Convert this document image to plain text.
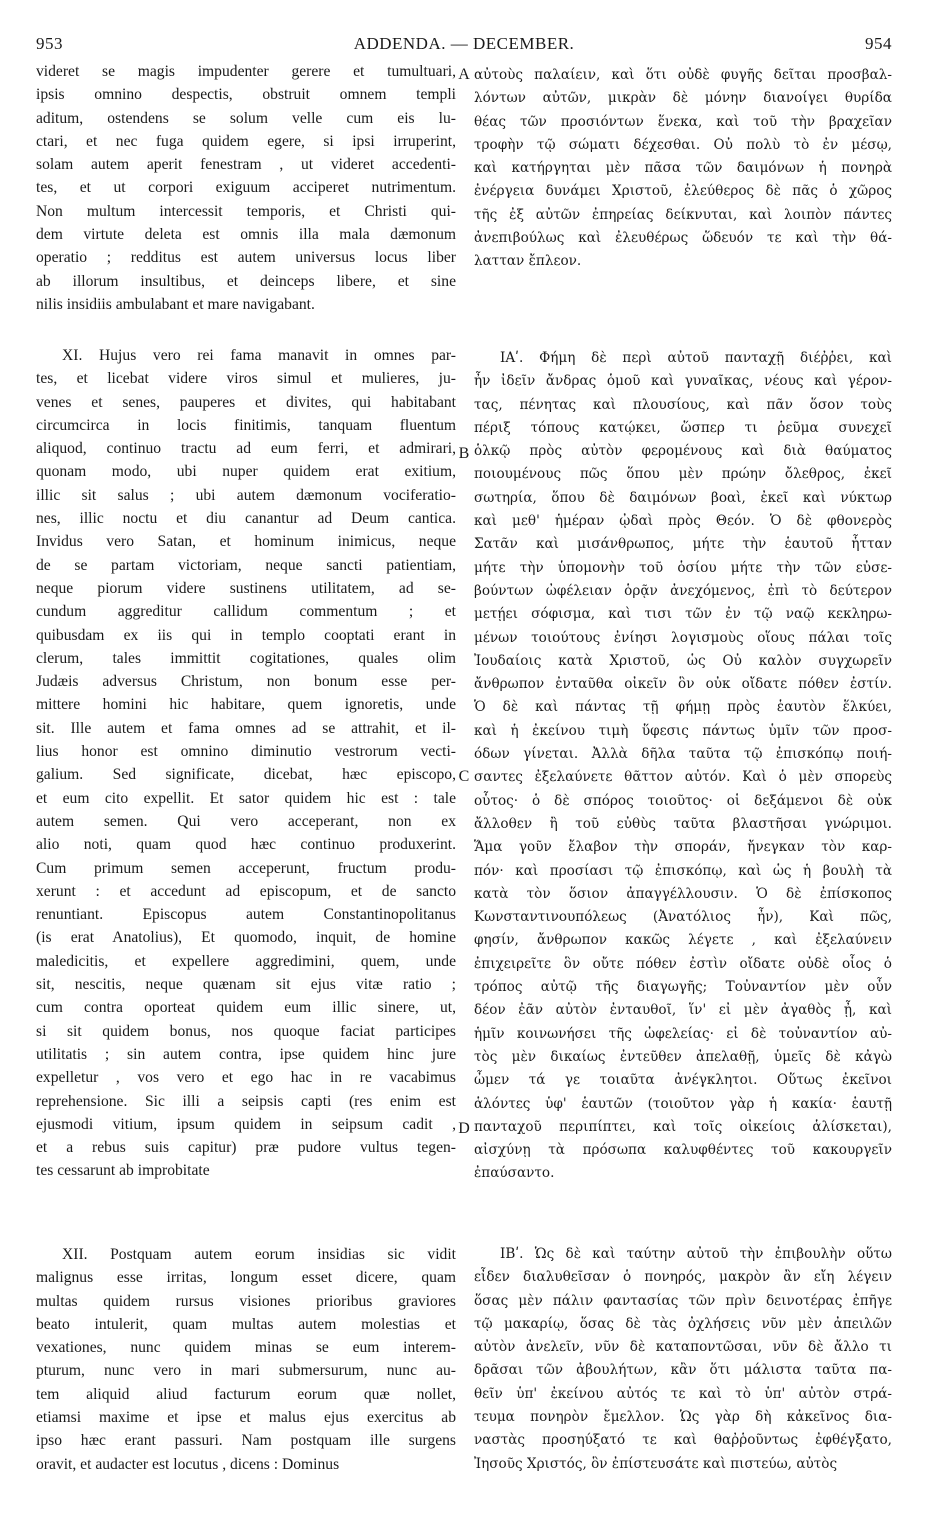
953	ADDENDA. — DECEMBER.	954
videret se magis impudenter gerere et tumultuari,
ipsis omnino despectis, obstruit omnem templi
aditum, ostendens se solum velle cum eis lu-
ctari, et nec fuga quidem egere, si ipsi irruperint,
solam autem aperit fenestram , ut videret accedenti-
tes, et ut corpori exiguum acciperet nutrimentum.
Non multum intercessit temporis, et Christi qui-
dem virtute deleta est omnis illa mala dæmonum
operatio ; redditus est autem universus locus liber
ab illorum insultibus, et deinceps libere, et sine
nilis insidiis ambulabant et mare navigabant.
XI. Hujus vero rei fama manavit in omnes par-
tes, et licebat videre viros simul et mulieres, ju-
venes et senes, pauperes et divites, qui habitabant
circumcirca in locis finitimis, tanquam fluentum
aliquod, continuo tractu ad eum ferri, et admirari,
quonam modo, ubi nuper quidem erat exitium,
illic sit salus ; ubi autem dæmonum vociferatio-
nes, illic noctu et diu canantur ad Deum cantica.
Invidus vero Satan, et hominum inimicus, neque
de se partam victoriam, neque sancti patientiam,
neque piorum videre sustinens utilitatem, ad se-
cundum aggreditur callidum commentum ; et
quibusdam ex iis qui in templo cooptati erant in
clerum, tales immittit cogitationes, quales olim
Judæis adversus Christum, non bonum esse per-
mittere homini hic habitare, quem ignoretis, unde
sit. Ille autem et fama omnes ad se attrahit, et il-
lius honor est omnino diminutio vestrorum vecti-
galium. Sed significate, dicebat, hæc episcopo,
et eum cito expellit. Et sator quidem hic est : tale
autem semen. Qui vero acceperant, non ex
alio noti, quam quod hæc continuo produxerint.
Cum primum semen acceperunt, fructum produ-
xerunt : et accedunt ad episcopum, et de sancto
renuntiant. Episcopus autem Constantinopolitanus
(is erat Anatolius), Et quomodo, inquit, de homine
maledicitis, et expellere aggredimini, quem, unde
sit, nescitis, neque quænam sit ejus vitæ ratio ;
cum contra oporteat quidem eum illic sinere, ut,
si sit quidem bonus, nos quoque faciat participes
utilitatis ; sin autem contra, ipse quidem hinc jure
expelletur , vos vero et ego hac in re vacabimus
reprehensione. Sic illi a seipsis capti (res enim est
ejusmodi vitium, ipsum quidem in seipsum cadit ,
et a rebus suis capitur) præ pudore vultus tegen-
tes cessarunt ab improbitate
XII. Postquam autem eorum insidias sic vidit
malignus esse irritas, longum esset dicere, quam
multas quidem rursus visiones prioribus graviores
beato intulerit, quam multas autem molestias et
vexationes, nunc quidem minas se eum interem-
pturum, nunc vero in mari submersurum, nunc au-
tem aliquid aliud facturum eorum quæ nollet,
etiamsi maxime et ipse et malus ejus exercitus ab
ipso hæc erant passuri. Nam postquam ille surgens
oravit, et audacter est locutus , dicens : Dominus
αὐτοὺς παλαίειν, καὶ ὅτι οὐδὲ φυγῆς δεῖται προσβαλ-
λόντων αὐτῶν, μικρὰν δὲ μόνην διανοίγει θυρίδα
θέας τῶν προσιόντων ἕνεκα, καὶ τοῦ τὴν βραχεῖαν
τροφὴν τῷ σώματι δέχεσθαι. Οὐ πολὺ τὸ ἐν μέσῳ,
καὶ κατήργηται μὲν πᾶσα τῶν δαιμόνων ἡ πονηρὰ
ἐνέργεια δυνάμει Χριστοῦ, ἐλεύθερος δὲ πᾶς ὁ χῶρος
τῆς ἐξ αὐτῶν ἐπηρείας δείκνυται, καὶ λοιπὸν πάντες
ἀνεπιβούλως καὶ ἐλευθέρως ὥδευόν τε καὶ τὴν θά-
λατταν ἔπλεον.
ΙΑʹ. Φήμη δὲ περὶ αὐτοῦ πανταχῇ διέῤῥει, καὶ
ἦν ἰδεῖν ἄνδρας ὁμοῦ καὶ γυναῖκας, νέους καὶ γέρον-
τας, πένητας καὶ πλουσίους, καὶ πᾶν ὅσον τοὺς
πέριξ τόπους κατῴκει, ὥσπερ τι ῥεῦμα συνεχεῖ
ὁλκῷ πρὸς αὐτὸν φερομένους καὶ διὰ θαύματος
ποιουμένους πῶς ὅπου μὲν πρώην ὄλεθρος, ἐκεῖ
σωτηρία, ὅπου δὲ δαιμόνων βοαὶ, ἐκεῖ καὶ νύκτωρ
καὶ μεθ' ἡμέραν ᾠδαὶ πρὸς Θεόν. Ὁ δὲ φθονερὸς
Σατᾶν καὶ μισάνθρωπος, μήτε τὴν ἑαυτοῦ ἧτταν
μήτε τὴν ὑπομονὴν τοῦ ὁσίου μήτε τὴν τῶν εὐσε-
βούντων ὠφέλειαν ὁρᾷν ἀνεχόμενος, ἐπὶ τὸ δεύτερον
μετῄει σόφισμα, καὶ τισι τῶν ἐν τῷ ναῷ κεκληρω-
μένων τοιούτους ἐνίησι λογισμοὺς οἵους πάλαι τοῖς
Ἰουδαίοις κατὰ Χριστοῦ, ὡς Οὐ καλὸν συγχωρεῖν
ἄνθρωπον ἐνταῦθα οἰκεῖν ὃν οὐκ οἴδατε πόθεν ἐστίν.
Ὁ δὲ καὶ πάντας τῇ φήμῃ πρὸς ἑαυτὸν ἕλκύει,
καὶ ἡ ἐκείνου τιμὴ ὕφεσις πάντως ὑμῖν τῶν προσ-
όδων γίνεται. Ἀλλὰ δῆλα ταῦτα τῷ ἐπισκόπῳ ποιή-
σαντες ἐξελαύνετε θᾶττον αὐτόν. Καὶ ὁ μὲν σπορεὺς
οὗτος· ὁ δὲ σπόρος τοιοῦτος· οἱ δεξάμενοι δὲ οὐκ
ἄλλοθεν ἢ τοῦ εὐθὺς ταῦτα βλαστῆσαι γνώριμοι.
Ἅμα γοῦν ἔλαβον τὴν σποράν, ἤνεγκαν τὸν καρ-
πόν· καὶ προσίασι τῷ ἐπισκόπῳ, καὶ ὡς ἡ βουλὴ τὰ
κατὰ τὸν ὅσιον ἀπαγγέλλουσιν. Ὁ δὲ ἐπίσκοπος
Κωνσταντινουπόλεως (Ἀνατόλιος ἦν), Καὶ πῶς,
φησίν, ἄνθρωπον κακῶς λέγετε , καὶ ἐξελαύνειν
ἐπιχειρεῖτε ὃν οὔτε πόθεν ἐστὶν οἴδατε οὐδὲ οἷος ὁ
τρόπος αὐτῷ τῆς διαγωγῆς; Τοὐναντίον μὲν οὖν
δέον ἐᾶν αὐτὸν ἐνταυθοῖ, ἵν' εἰ μὲν ἀγαθὸς ᾖ, καὶ
ἡμῖν κοινωνήσει τῆς ὠφελείας· εἰ δὲ τοὐναντίον αὐ-
τὸς μὲν δικαίως ἐντεῦθεν ἀπελαθῇ, ὑμεῖς δὲ κἀγὼ
ὦμεν τά γε τοιαῦτα ἀνέγκλητοι. Οὕτως ἐκεῖνοι
ἁλόντες ὑφ' ἑαυτῶν (τοιοῦτον γὰρ ἡ κακία· ἑαυτῇ
πανταχοῦ περιπίπτει, καὶ τοῖς οἰκείοις ἁλίσκεται),
αἰσχύνῃ τὰ πρόσωπα καλυφθέντες τοῦ κακουργεῖν
ἐπαύσαντο.
ΙΒʹ. Ὡς δὲ καὶ ταύτην αὐτοῦ τὴν ἐπιβουλὴν οὕτω
εἶδεν διαλυθεῖσαν ὁ πονηρός, μακρὸν ἂν εἴη λέγειν
ὅσας μὲν πάλιν φαντασίας τῶν πρὶν δεινοτέρας ἐπῆγε
τῷ μακαρίῳ, ὅσας δὲ τὰς ὀχλήσεις νῦν μὲν ἀπειλῶν
αὐτὸν ἀνελεῖν, νῦν δὲ καταποντῶσαι, νῦν δὲ ἄλλο τι
δρᾶσαι τῶν ἀβουλήτων, κἂν ὅτι μάλιστα ταῦτα πα-
θεῖν ὑπ' ἐκείνου αὐτός τε καὶ τὸ ὑπ' αὐτὸν στρά-
τευμα πονηρὸν ἔμελλον. Ὡς γὰρ δὴ κἀκεῖνος δια-
ναστὰς προσηύξατό τε καὶ θαῤῥοῦντως ἐφθέγξατο,
Ἰησοῦς Χριστός, ὃν ἐπίστευσάτε καὶ πιστεύω, αὐτὸς
A
B
C
D
